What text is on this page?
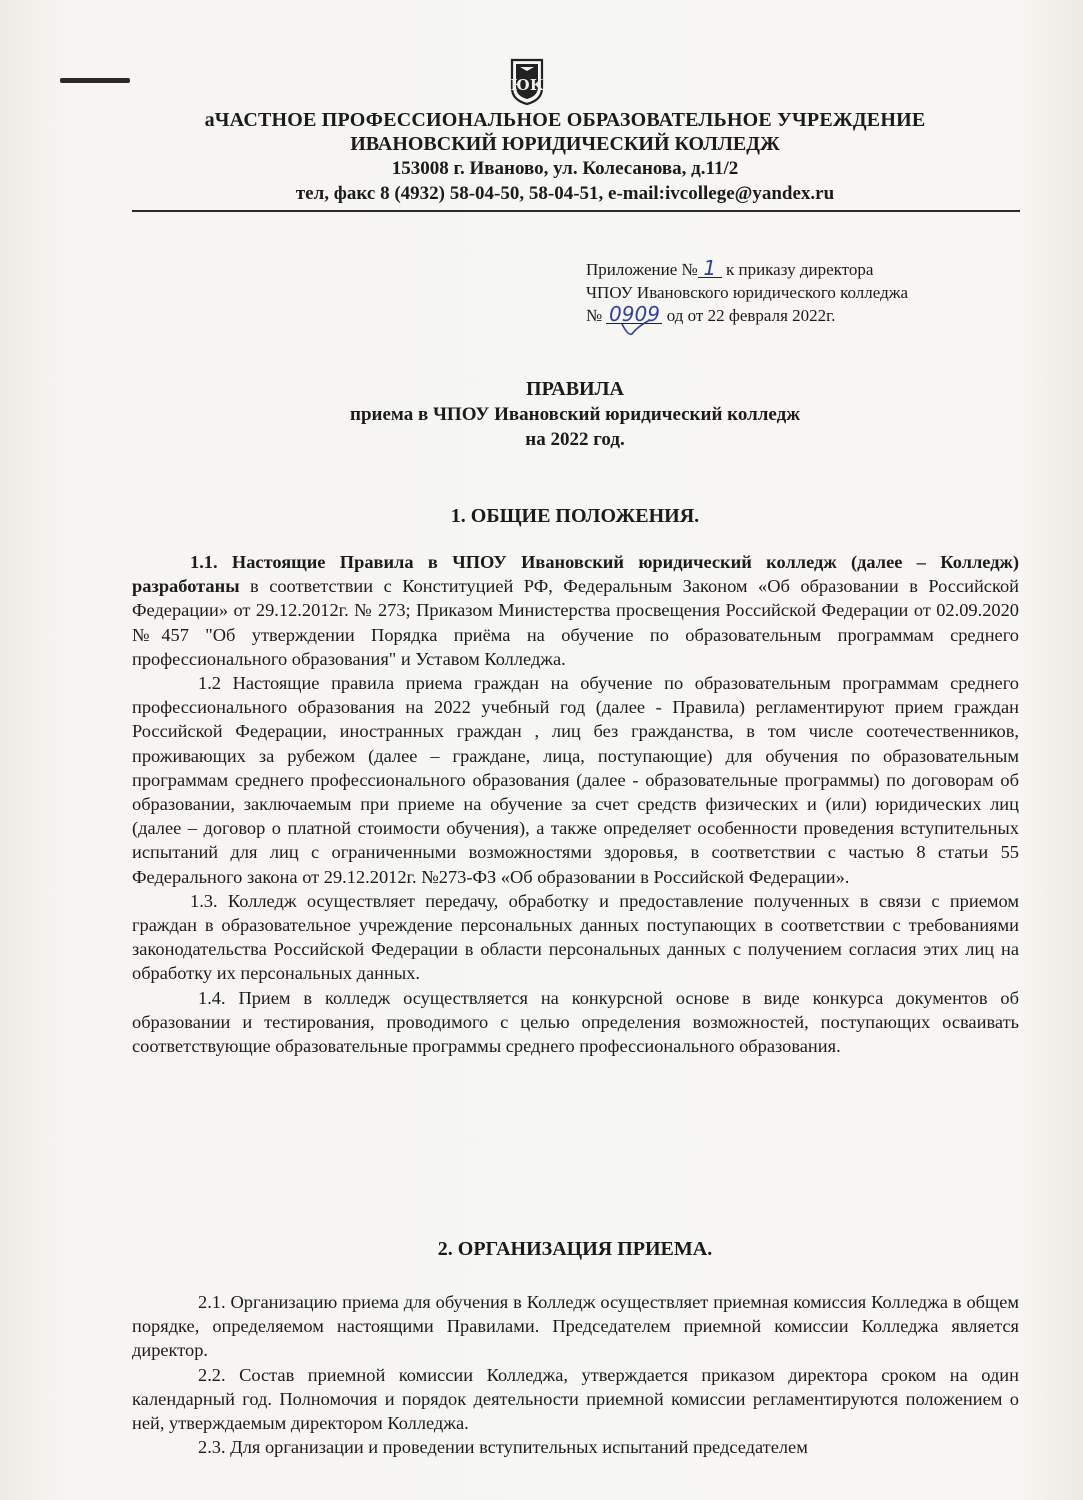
ЮК
аЧАСТНОЕ ПРОФЕССИОНАЛЬНОЕ ОБРАЗОВАТЕЛЬНОЕ УЧРЕЖДЕНИЕ
ИВАНОВСКИЙ ЮРИДИЧЕСКИЙ КОЛЛЕДЖ
153008 г. Иваново, ул. Колесанова, д.11/2
тел, факс 8 (4932) 58-04-50, 58-04-51, e-mail:ivcollege@yandex.ru
Приложение № 1 к приказу директора
ЧПОУ Ивановского юридического колледжа
№ 0909 од от 22 февраля 2022г.
ПРАВИЛА
приема в ЧПОУ Ивановский юридический колледж
на 2022 год.
1. ОБЩИЕ ПОЛОЖЕНИЯ.

1.1. Настоящие Правила в ЧПОУ Ивановский юридический колледж (далее – Колледж) разработаны в соответствии с Конституцией РФ, Федеральным Законом «Об образовании в Российской Федерации» от 29.12.2012г. № 273; Приказом Министерства просвещения Российской Федерации от 02.09.2020 №457 "Об утверждении Порядка приёма на обучение по образовательным программам среднего профессионального образования" и Уставом Колледжа.

1.2 Настоящие правила приема граждан на обучение по образовательным программам среднего профессионального образования на 2022 учебный год (далее - Правила) регламентируют прием граждан Российской Федерации, иностранных граждан , лиц без гражданства, в том числе соотечественников, проживающих за рубежом (далее – граждане, лица, поступающие) для обучения по образовательным программам среднего профессионального образования (далее - образовательные программы) по договорам об образовании, заключаемым при приеме на обучение за счет средств физических и (или) юридических лиц (далее – договор о платной стоимости обучения), а также определяет особенности проведения вступительных испытаний для лиц с ограниченными возможностями здоровья, в соответствии с частью 8 статьи 55 Федерального закона от 29.12.2012г. №273-ФЗ «Об образовании в Российской Федерации».

1.3. Колледж осуществляет передачу, обработку и предоставление полученных в связи с приемом граждан в образовательное учреждение персональных данных поступающих в соответствии с требованиями законодательства Российской Федерации в области персональных данных с получением согласия этих лиц на обработку их персональных данных.

1.4. Прием в колледж осуществляется на конкурсной основе в виде конкурса документов об образовании и тестирования, проводимого с целью определения возможностей, поступающих осваивать соответствующие образовательные программы среднего профессионального образования.

2. ОРГАНИЗАЦИЯ ПРИЕМА.

2.1. Организацию приема для обучения в Колледж осуществляет приемная комиссия Колледжа в общем порядке, определяемом настоящими Правилами. Председателем приемной комиссии Колледжа является директор.

2.2. Состав приемной комиссии Колледжа, утверждается приказом директора сроком на один календарный год. Полномочия и порядок деятельности приемной комиссии регламентируются положением о ней, утверждаемым директором Колледжа.

2.3. Для организации и проведении вступительных испытаний председателем
